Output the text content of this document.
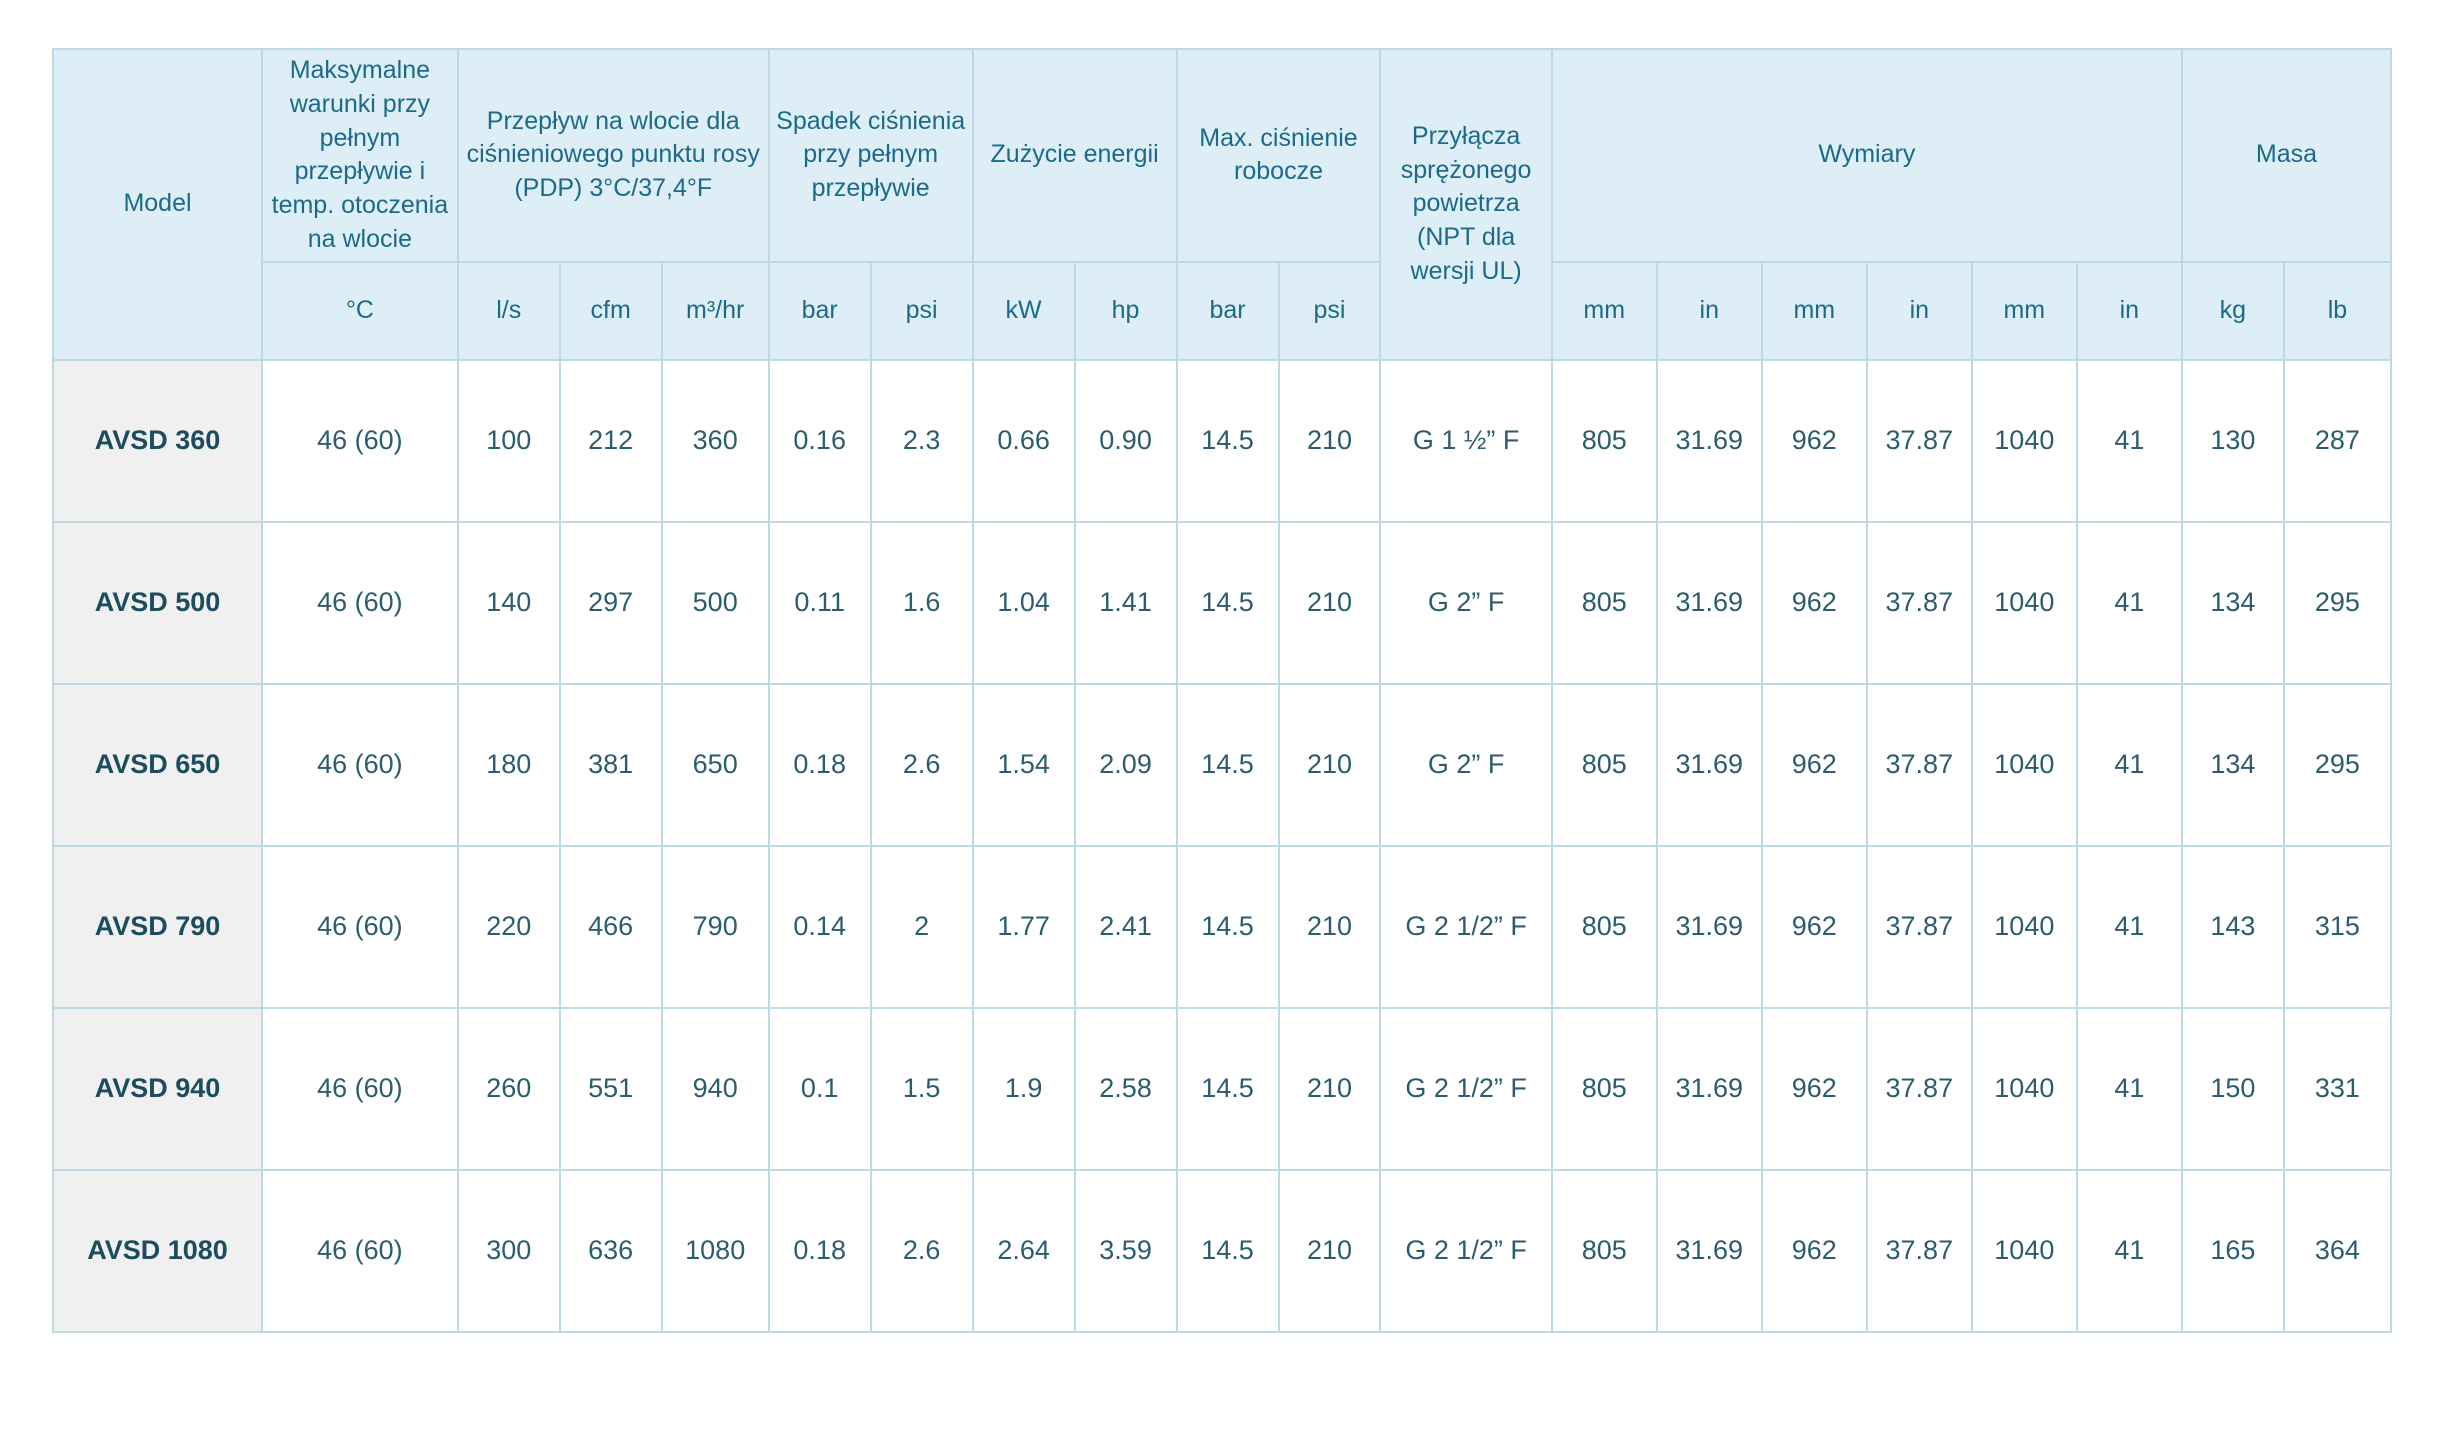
Model	Maksymalne warunki przy pełnym przepływie i temp. otoczenia na wlocie	Przepływ na wlocie dla ciśnieniowego punktu rosy (PDP) 3°C/37,4°F			Spadek ciśnienia przy pełnym przepływie		Zużycie energii		Max. ciśnienie robocze		Przyłącza sprężonego powietrza (NPT dla wersji UL)	Wymiary						Masa	
	°C	l/s	cfm	m³/hr	bar	psi	kW	hp	bar	psi		mm	in	mm	in	mm	in	kg	lb
AVSD 360	46 (60)	100	212	360	0.16	2.3	0.66	0.90	14.5	210	G 1 ½” F	805	31.69	962	37.87	1040	41	130	287
AVSD 500	46 (60)	140	297	500	0.11	1.6	1.04	1.41	14.5	210	G 2” F	805	31.69	962	37.87	1040	41	134	295
AVSD 650	46 (60)	180	381	650	0.18	2.6	1.54	2.09	14.5	210	G 2” F	805	31.69	962	37.87	1040	41	134	295
AVSD 790	46 (60)	220	466	790	0.14	2	1.77	2.41	14.5	210	G 2 1/2” F	805	31.69	962	37.87	1040	41	143	315
AVSD 940	46 (60)	260	551	940	0.1	1.5	1.9	2.58	14.5	210	G 2 1/2” F	805	31.69	962	37.87	1040	41	150	331
AVSD 1080	46 (60)	300	636	1080	0.18	2.6	2.64	3.59	14.5	210	G 2 1/2” F	805	31.69	962	37.87	1040	41	165	364
